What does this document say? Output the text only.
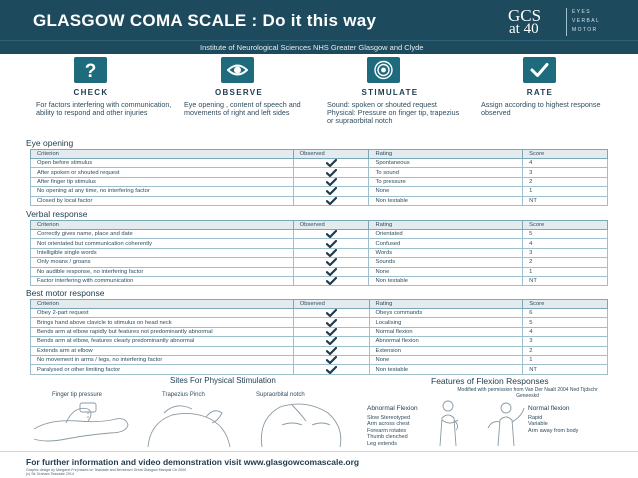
GLASGOW COMA SCALE : Do it this way	GCS
at 40
EYES
VERBAL
MOTOR
Institute of Neurological Sciences NHS Greater Glasgow and Clyde
?
CHECK
For factors interfering with communication, ability to respond and other injuries
OBSERVE
Eye opening , content of speech and movements of right and left sides
STIMULATE
Sound: spoken or shouted request Physical: Pressure on finger tip, trapezius or supraorbital notch
RATE
Assign according to highest response observed
Eye opening
Criterion	Observed	Rating	Score
Open before stimulus		Spontaneous	4
After spoken or shouted request		To sound	3
After finger tip stimulus		To pressure	2
No opening at any time, no interfering factor		None	1
Closed by local factor		Non testable	NT
Verbal response
Criterion	Observed	Rating	Score
Correctly gives name, place and date		Orientated	5
Not orientated but communication coherently		Confused	4
Intelligible single words		Words	3
Only moans / groans		Sounds	2
No audible response, no interfering factor		None	1
Factor interfering with communication		Non testable	NT
Best motor response
Criterion	Observed	Rating	Score
Obey 2-part request		Obeys commands	6
Brings hand above clavicle to stimulus on head neck		Localising	5
Bends arm at elbow rapidly but features not predominantly abnormal		Normal flexion	4
Bends arm at elbow, features clearly predominantly abnormal		Abnormal flexion	3
Extends arm at elbow		Extension	2
No movement in arms / legs, no interfering factor		None	1
Paralysed or other limiting factor		Non testable	NT
Sites For Physical Stimulation
Finger tip pressure	Trapezius Pinch	Supraorbital notch
Features of Flexion Responses
Modified with permission from Van Der Naalt 2004 Ned Tijdschr Geneeskd
Abnormal Flexion
Slow Stereotyped
Arm across chest
Forearm rotates
Thumb clenched
Leg extends
Normal flexion
Rapid
Variable
Arm away from body
For further information and video demonstration visit www.glasgowcomascale.org
Graphic design by Margaret Frej based on Teasdale and Bevstrovn Great Glasgow Marquis Ctr 2000
(c) Sir Graham Teasdale 2014
